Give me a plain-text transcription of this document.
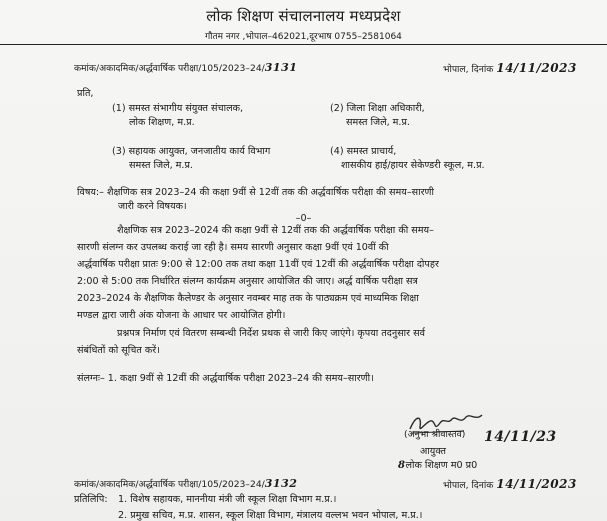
लोक शिक्षण संचालनालय मध्यप्रदेश
गौतम नगर ,भोपाल–462021,दूरभाष 0755–2581064
कमांक/अकादमिक/अर्द्धवार्षिक परीक्षा/105/2023–24/3131	भोपाल, दिनांक 14/11/2023
प्रति,
(1) समस्त संभागीय संयुक्त संचालक,
लोक शिक्षण, म.प्र.
(2) जिला शिक्षा अधिकारी,
समस्त जिले, म.प्र.
(3) सहायक आयुक्त, जनजातीय कार्य विभाग
समस्त जिले, म.प्र.
(4) समस्त प्राचार्य,
शासकीय हाई/हायर सेकेण्डरी स्कूल, म.प्र.
विषय:– शैक्षणिक सत्र 2023–24 की कक्षा 9वीं से 12वीं तक की अर्द्धवार्षिक परीक्षा की समय–सारणी
जारी करने विषयक।
–0–
शैक्षणिक सत्र 2023–2024 की कक्षा 9वीं से 12वीं तक की अर्द्धवार्षिक परीक्षा की समय–
सारणी संलग्न कर उपलब्ध कराई जा रही है। समय सारणी अनुसार कक्षा 9वीं एवं 10वीं की
अर्द्धवार्षिक परीक्षा प्रातः 9:00 से 12:00 तक तथा कक्षा 11वीं एवं 12वीं की अर्द्धवार्षिक परीक्षा दोपहर
2:00 से 5:00 तक निर्धारित संलग्न कार्यक्रम अनुसार आयोजित की जाए। अर्द्ध वार्षिक परीक्षा सत्र
2023–2024 के शैक्षणिक कैलेण्डर के अनुसार नवम्बर माह तक के पाठ्यक्रम एवं माध्यमिक शिक्षा
मण्डल द्वारा जारी अंक योजना के आधार पर आयोजित होगी।
प्रश्नपत्र निर्माण एवं वितरण सम्बन्धी निर्देश प्रथक से जारी किए जाएंगे। कृपया तदनुसार सर्व
संबंधितों को सूचित करें।
संलग्नः– 1. कक्षा 9वीं से 12वीं की अर्द्धवार्षिक परीक्षा 2023–24 की समय–सारणी।
(अनुभा श्रीवास्तव) 14/11/23
आयुक्त
8लोक शिक्षण म0 प्र0
कमांक/अकादमिक/अर्द्धवार्षिक परीक्षा/105/2023–24/3132	भोपाल, दिनांक 14/11/2023
प्रतिलिपि: 1. विशेष सहायक, माननीया मंत्री जी स्कूल शिक्षा विभाग म.प्र.।
2. प्रमुख सचिव, म.प्र. शासन, स्कूल शिक्षा विभाग, मंत्रालय वल्लभ भवन भोपाल, म.प्र.।
